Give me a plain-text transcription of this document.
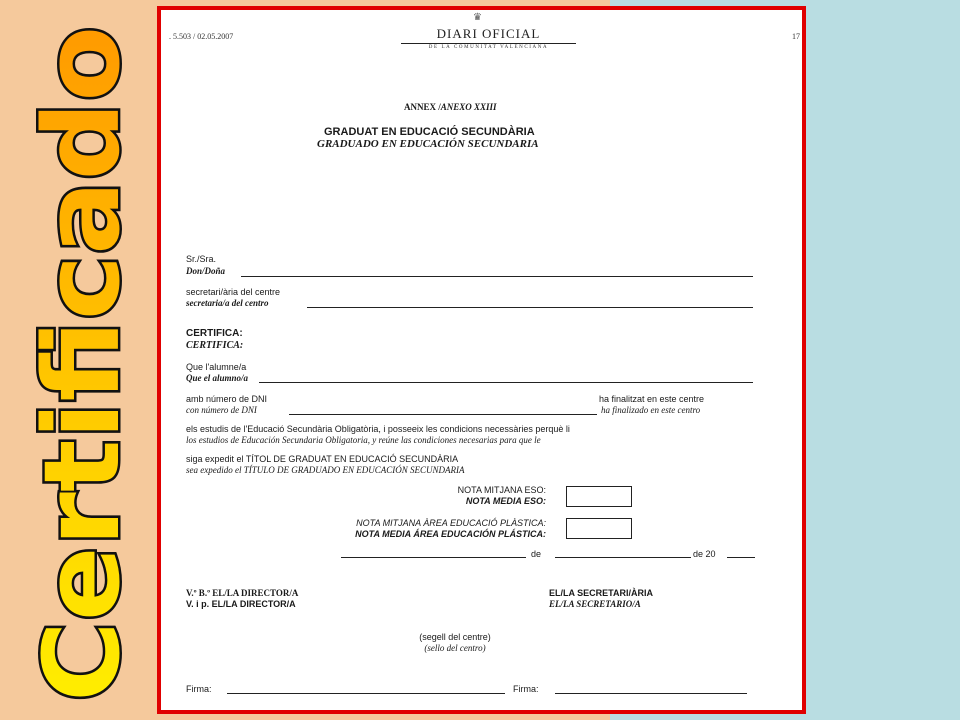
Certificado
. 5.503 / 02.05.2007	17
♛
DIARI OFICIAL
DE LA COMUNITAT VALENCIANA
ANNEX /ANEXO XXIII
GRADUAT EN EDUCACIÓ SECUNDÀRIA
GRADUADO EN EDUCACIÓN SECUNDARIA
Sr./Sra.
Don/Doña
secretari/ària del centre
secretaria/a del centro
CERTIFICA:
CERTIFICA:
Que l'alumne/a
Que el alumno/a
amb número de DNI
con número de DNI
ha finalitzat en este centre
ha finalizado en este centro
els estudis de l'Educació Secundària Obligatòria, i posseeix les condicions necessàries perquè li
los estudios de Educación Secundaria Obligatoria, y reúne las condiciones necesarias para que le
siga expedit el TÍTOL DE GRADUAT EN EDUCACIÓ SECUNDÀRIA
sea expedido el TÍTULO DE GRADUADO EN EDUCACIÓN SECUNDARIA
NOTA MITJANA ESO:
NOTA MEDIA ESO:
NOTA MITJANA ÀREA EDUCACIÓ PLÀSTICA:
NOTA MEDIA ÁREA EDUCACIÓN PLÁSTICA:
de	de 20
V.º B.º EL/LA DIRECTOR/A
V. i p. EL/LA DIRECTOR/A
EL/LA SECRETARI/ÀRIA
EL/LA SECRETARIO/A
(segell del centre)
(sello del centro)
Firma:	Firma:
